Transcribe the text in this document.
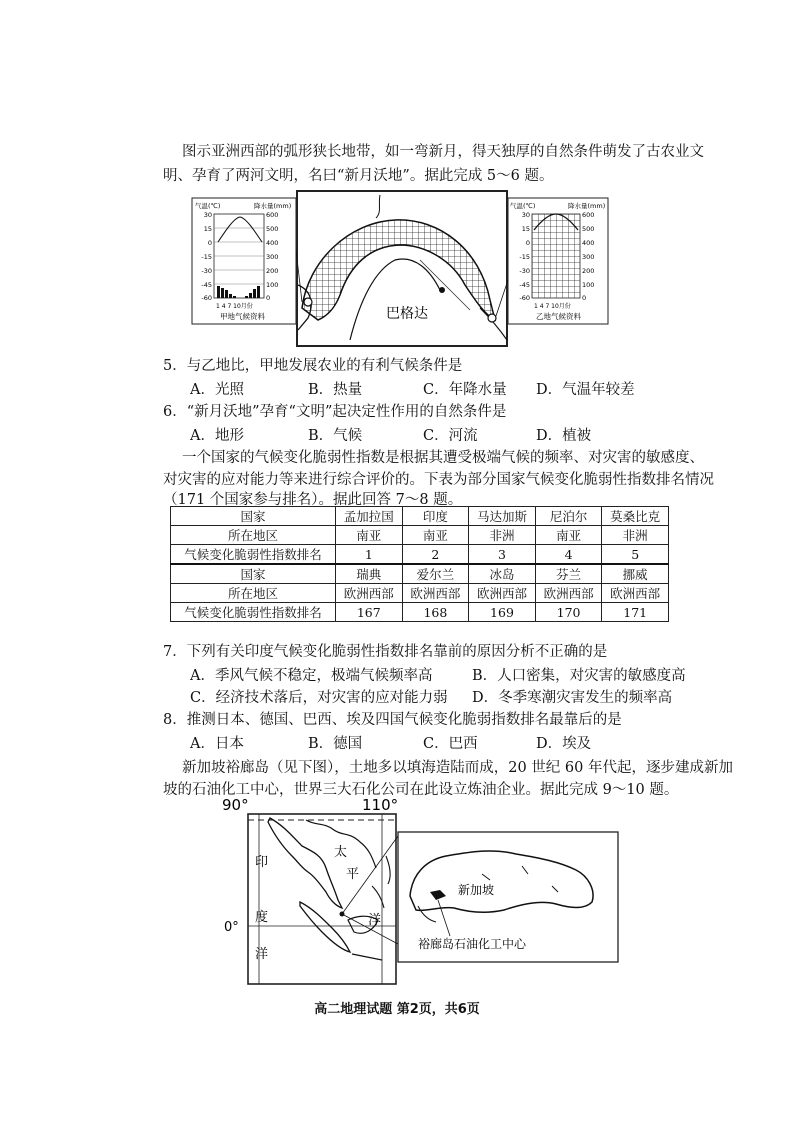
图示亚洲西部的弧形狭长地带，如一弯新月，得天独厚的自然条件萌发了古农业文
明、孕育了两河文明，名曰“新月沃地”。据此完成 5～6 题。
巴格达
气温(℃)	降水量(mm)
30
15
0
-15
-30
-45
-60
600
500
400
300
200
100
0
1 4 7 10月份
甲地气候资料
气温(℃)	降水量(mm)
30
15
0
-15
-30
-45
-60
600
500
400
300
200
100
0
1 4 7 10月份
乙地气候资料
5．与乙地比，甲地发展农业的有利气候条件是
A．光照	B．热量	C．年降水量 D．气温年较差
6．“新月沃地”孕育“文明”起决定性作用的自然条件是
A．地形	B．气候	C．河流	D．植被
一个国家的气候变化脆弱性指数是根据其遭受极端气候的频率、对灾害的敏感度、
对灾害的应对能力等来进行综合评价的。下表为部分国家气候变化脆弱性指数排名情况
（171 个国家参与排名）。据此回答 7～8 题。
国家	孟加拉国	印度	马达加斯	尼泊尔	莫桑比克
所在地区	南亚	南亚	非洲	南亚	非洲
气候变化脆弱性指数排名	1	2	3	4	5
国家	瑞典	爱尔兰	冰岛	芬兰	挪威
所在地区	欧洲西部	欧洲西部	欧洲西部	欧洲西部	欧洲西部
气候变化脆弱性指数排名	167	168	169	170	171
7．下列有关印度气候变化脆弱性指数排名靠前的原因分析不正确的是
A．季风气候不稳定，极端气候频率高	B．人口密集，对灾害的敏感度高
C．经济技术落后，对灾害的应对能力弱 D．冬季寒潮灾害发生的频率高
8．推测日本、德国、巴西、埃及四国气候变化脆弱指数排名最靠后的是
A．日本	B．德国	C．巴西	D．埃及
新加坡裕廊岛（见下图），土地多以填海造陆而成，20 世纪 60 年代起，逐步建成新加
坡的石油化工中心，世界三大石化公司在此设立炼油企业。据此完成 9～10 题。
90°	110°
0°
印
度
洋
太
平
洋
新加坡
裕廊岛石油化工中心
高二地理试题 第2页，共6页
